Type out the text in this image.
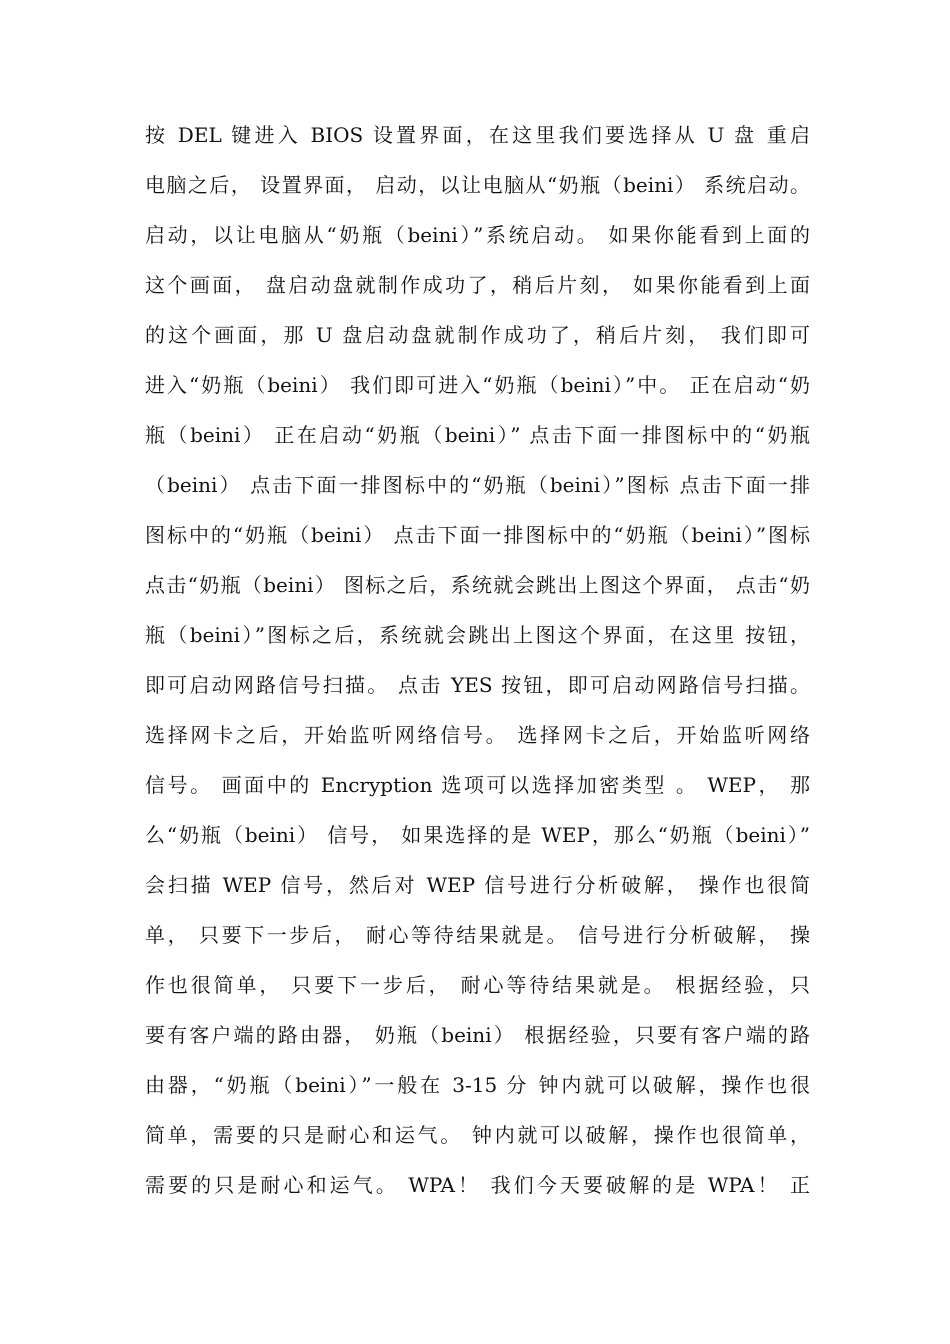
按 DEL 键进入 BIOS 设置界面，在这里我们要选择从 U 盘 重启
电脑之后， 设置界面， 启动，以让电脑从“奶瓶（beini） 系统启动。
启动，以让电脑从“奶瓶（beini）”系统启动。 如果你能看到上面的
这个画面， 盘启动盘就制作成功了，稍后片刻， 如果你能看到上面
的这个画面，那 U 盘启动盘就制作成功了，稍后片刻， 我们即可
进入“奶瓶（beini） 我们即可进入“奶瓶（beini）”中。 正在启动“奶
瓶（beini） 正在启动“奶瓶（beini）” 点击下面一排图标中的“奶瓶
（beini） 点击下面一排图标中的“奶瓶（beini）”图标 点击下面一排
图标中的“奶瓶（beini） 点击下面一排图标中的“奶瓶（beini）”图标
点击“奶瓶（beini） 图标之后，系统就会跳出上图这个界面， 点击“奶
瓶（beini）”图标之后，系统就会跳出上图这个界面，在这里 按钮，
即可启动网路信号扫描。 点击 YES 按钮，即可启动网路信号扫描。
选择网卡之后，开始监听网络信号。 选择网卡之后，开始监听网络
信号。 画面中的 Encryption 选项可以选择加密类型 。 WEP， 那
么“奶瓶（beini） 信号， 如果选择的是 WEP，那么“奶瓶（beini）”
会扫描 WEP 信号，然后对 WEP 信号进行分析破解， 操作也很简
单， 只要下一步后， 耐心等待结果就是。 信号进行分析破解， 操
作也很简单， 只要下一步后， 耐心等待结果就是。 根据经验，只
要有客户端的路由器， 奶瓶（beini） 根据经验，只要有客户端的路
由器，“奶瓶（beini）”一般在 3-15 分 钟内就可以破解，操作也很
简单，需要的只是耐心和运气。 钟内就可以破解，操作也很简单，
需要的只是耐心和运气。 WPA！ 我们今天要破解的是 WPA！ 正
